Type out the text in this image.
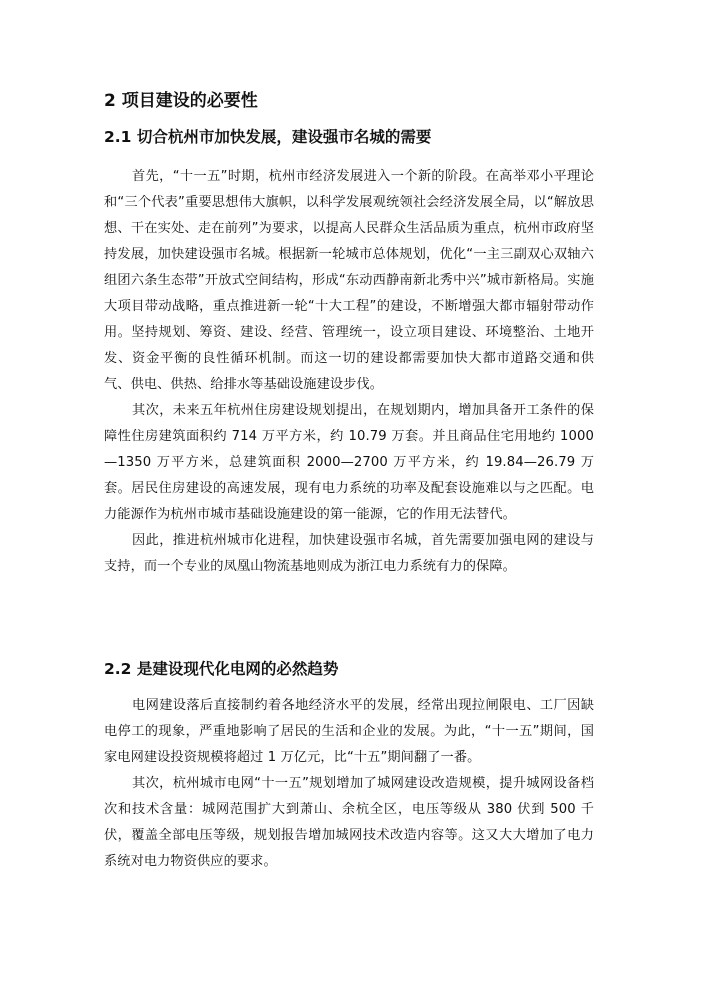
2 项目建设的必要性
2.1 切合杭州市加快发展，建设强市名城的需要

首先，“十一五”时期，杭州市经济发展进入一个新的阶段。在高举邓小平理论和“三个代表”重要思想伟大旗帜，以科学发展观统领社会经济发展全局，以“解放思想、干在实处、走在前列”为要求，以提高人民群众生活品质为重点，杭州市政府坚持发展，加快建设强市名城。根据新一轮城市总体规划，优化“一主三副双心双轴六组团六条生态带”开放式空间结构，形成“东动西静南新北秀中兴”城市新格局。实施大项目带动战略，重点推进新一轮“十大工程”的建设，不断增强大都市辐射带动作用。坚持规划、筹资、建设、经营、管理统一，设立项目建设、环境整治、土地开发、资金平衡的良性循环机制。而这一切的建设都需要加快大都市道路交通和供气、供电、供热、给排水等基础设施建设步伐。

其次，未来五年杭州住房建设规划提出，在规划期内，增加具备开工条件的保障性住房建筑面积约 714 万平方米，约 10.79 万套。并且商品住宅用地约 1000—1350 万平方米，总建筑面积 2000—2700 万平方米，约 19.84—26.79 万套。居民住房建设的高速发展，现有电力系统的功率及配套设施难以与之匹配。电力能源作为杭州市城市基础设施建设的第一能源，它的作用无法替代。

因此，推进杭州城市化进程，加快建设强市名城，首先需要加强电网的建设与支持，而一个专业的凤凰山物流基地则成为浙江电力系统有力的保障。

2.2 是建设现代化电网的必然趋势

电网建设落后直接制约着各地经济水平的发展，经常出现拉闸限电、工厂因缺电停工的现象，严重地影响了居民的生活和企业的发展。为此，“十一五”期间，国家电网建设投资规模将超过 1 万亿元，比“十五”期间翻了一番。

其次，杭州城市电网“十一五”规划增加了城网建设改造规模，提升城网设备档次和技术含量：城网范围扩大到萧山、余杭全区，电压等级从 380 伏到 500 千伏，覆盖全部电压等级，规划报告增加城网技术改造内容等。这又大大增加了电力系统对电力物资供应的要求。
